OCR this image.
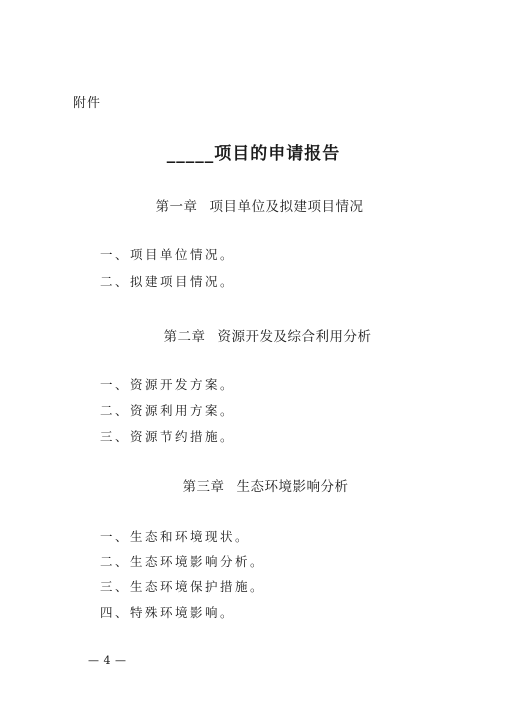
附件
_____项目的申请报告
第一章 项目单位及拟建项目情况
一、项目单位情况。
二、拟建项目情况。
第二章 资源开发及综合利用分析
一、资源开发方案。
二、资源利用方案。
三、资源节约措施。
第三章 生态环境影响分析
一、生态和环境现状。
二、生态环境影响分析。
三、生态环境保护措施。
四、特殊环境影响。
— 4 —
